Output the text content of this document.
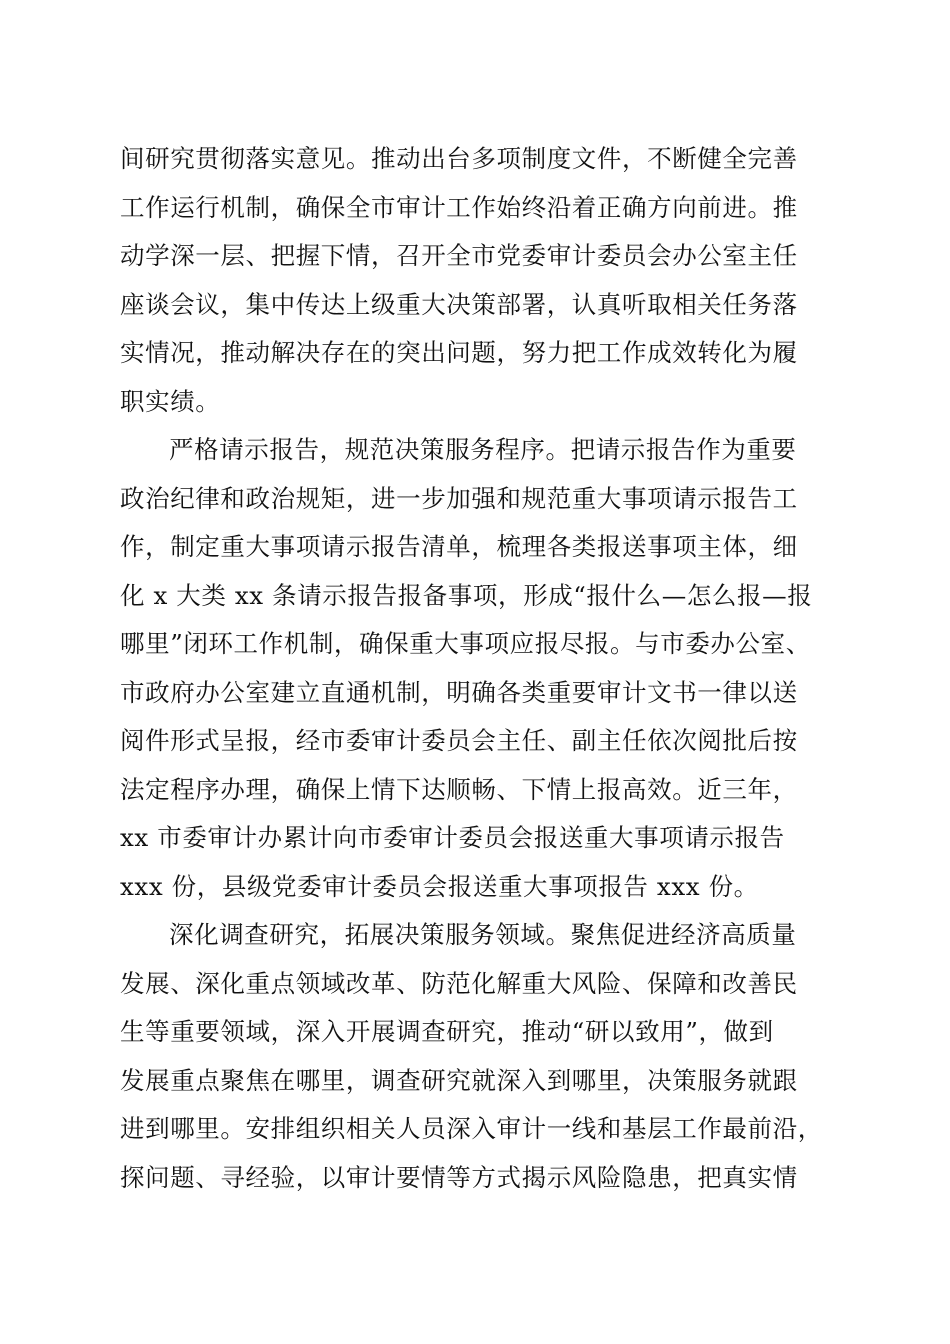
间研究贯彻落实意见。推动出台多项制度文件，不断健全完善
工作运行机制，确保全市审计工作始终沿着正确方向前进。推
动学深一层、把握下情，召开全市党委审计委员会办公室主任
座谈会议，集中传达上级重大决策部署，认真听取相关任务落
实情况，推动解决存在的突出问题，努力把工作成效转化为履
职实绩。
严格请示报告，规范决策服务程序。把请示报告作为重要
政治纪律和政治规矩，进一步加强和规范重大事项请示报告工
作，制定重大事项请示报告清单，梳理各类报送事项主体，细
化 x 大类 xx 条请示报告报备事项，形成“报什么—怎么报—报
哪里”闭环工作机制，确保重大事项应报尽报。与市委办公室、
市政府办公室建立直通机制，明确各类重要审计文书一律以送
阅件形式呈报，经市委审计委员会主任、副主任依次阅批后按
法定程序办理，确保上情下达顺畅、下情上报高效。近三年，
xx 市委审计办累计向市委审计委员会报送重大事项请示报告
xxx 份，县级党委审计委员会报送重大事项报告 xxx 份。
深化调查研究，拓展决策服务领域。聚焦促进经济高质量
发展、深化重点领域改革、防范化解重大风险、保障和改善民
生等重要领域，深入开展调查研究，推动“研以致用”，做到
发展重点聚焦在哪里，调查研究就深入到哪里，决策服务就跟
进到哪里。安排组织相关人员深入审计一线和基层工作最前沿，
探问题、寻经验，以审计要情等方式揭示风险隐患，把真实情
